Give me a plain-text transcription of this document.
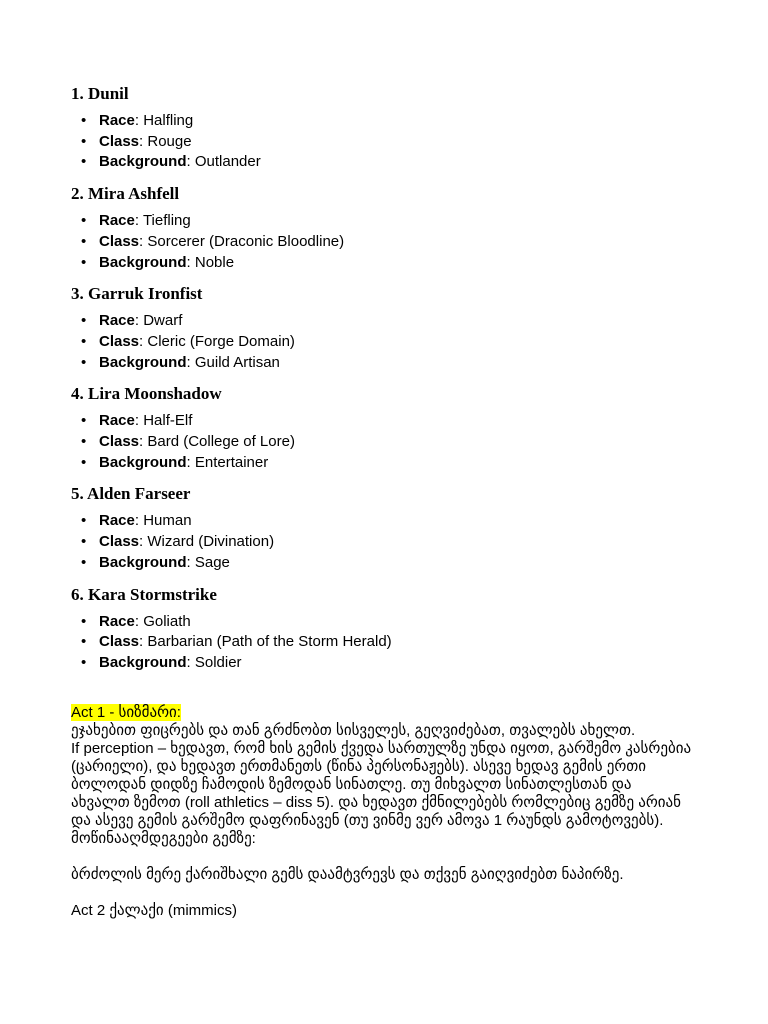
1. Dunil
• Race: Halfling
• Class: Rouge
• Background: Outlander
2. Mira Ashfell
• Race: Tiefling
• Class: Sorcerer (Draconic Bloodline)
• Background: Noble
3. Garruk Ironfist
• Race: Dwarf
• Class: Cleric (Forge Domain)
• Background: Guild Artisan
4. Lira Moonshadow
• Race: Half-Elf
• Class: Bard (College of Lore)
• Background: Entertainer
5. Alden Farseer
• Race: Human
• Class: Wizard (Divination)
• Background: Sage
6. Kara Stormstrike
• Race: Goliath
• Class: Barbarian (Path of the Storm Herald)
• Background: Soldier

Act 1 - სიზმარი:

ეჯახებით ფიცრებს და თან გრძნობთ სისველეს, გეღვიძებათ, თვალებს ახელთ.

If perception – ხედავთ, რომ ხის გემის ქვედა სართულზე უნდა იყოთ, გარშემო კასრებია

(ცარიელი), და ხედავთ ერთმანეთს (წინა პერსონაჟებს). ასევე ხედავ გემის ერთი

ბოლოდან დიდზე ჩამოდის ზემოდან სინათლე. თუ მიხვალთ სინათლესთან და

ახვალთ ზემოთ (roll athletics – diss 5). და ხედავთ ქმნილებებს რომლებიც გემზე არიან

და ასევე გემის გარშემო დაფრინავენ (თუ ვინმე ვერ ამოვა 1 რაუნდს გამოტოვებს).

მოწინააღმდეგეები გემზე:

ბრძოლის მერე ქარიშხალი გემს დაამტვრევს და თქვენ გაიღვიძებთ ნაპირზე.

Act 2 ქალაქი (mimmics)
